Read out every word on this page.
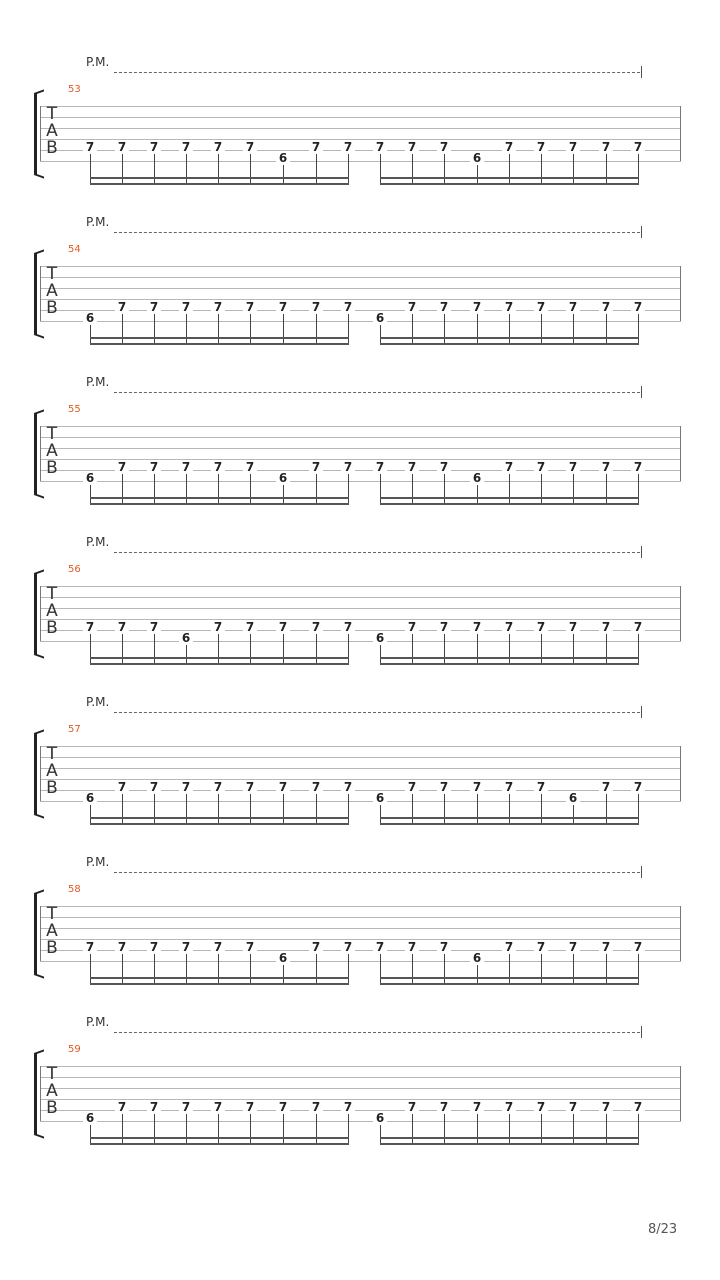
P.M.
53
T
A
B 7 7 7 7 7 7
6
7 7 7 7 7
6
7 7 7 7 7
P.M.
54
T
A
B 6
7 7 7 7 7 7 7 7
6
7 7 7 7 7 7 7 7
P.M.
55
T
A
B 6
7 7 7 7 7
6
7 7 7 7 7
6
7 7 7 7 7
P.M.
56
T
A
B 7 7 7
6
7 7 7 7 7
6
7 7 7 7 7 7 7 7
P.M.
57
T
A
B 6
7 7 7 7 7 7 7 7
6
7 7 7 7 7
6
7 7
P.M.
58
T
A
B 7 7 7 7 7 7
6
7 7 7 7 7
6
7 7 7 7 7
P.M.
59
T
A
B 6
7 7 7 7 7 7 7 7
6
7 7 7 7 7 7 7 7
8/23
